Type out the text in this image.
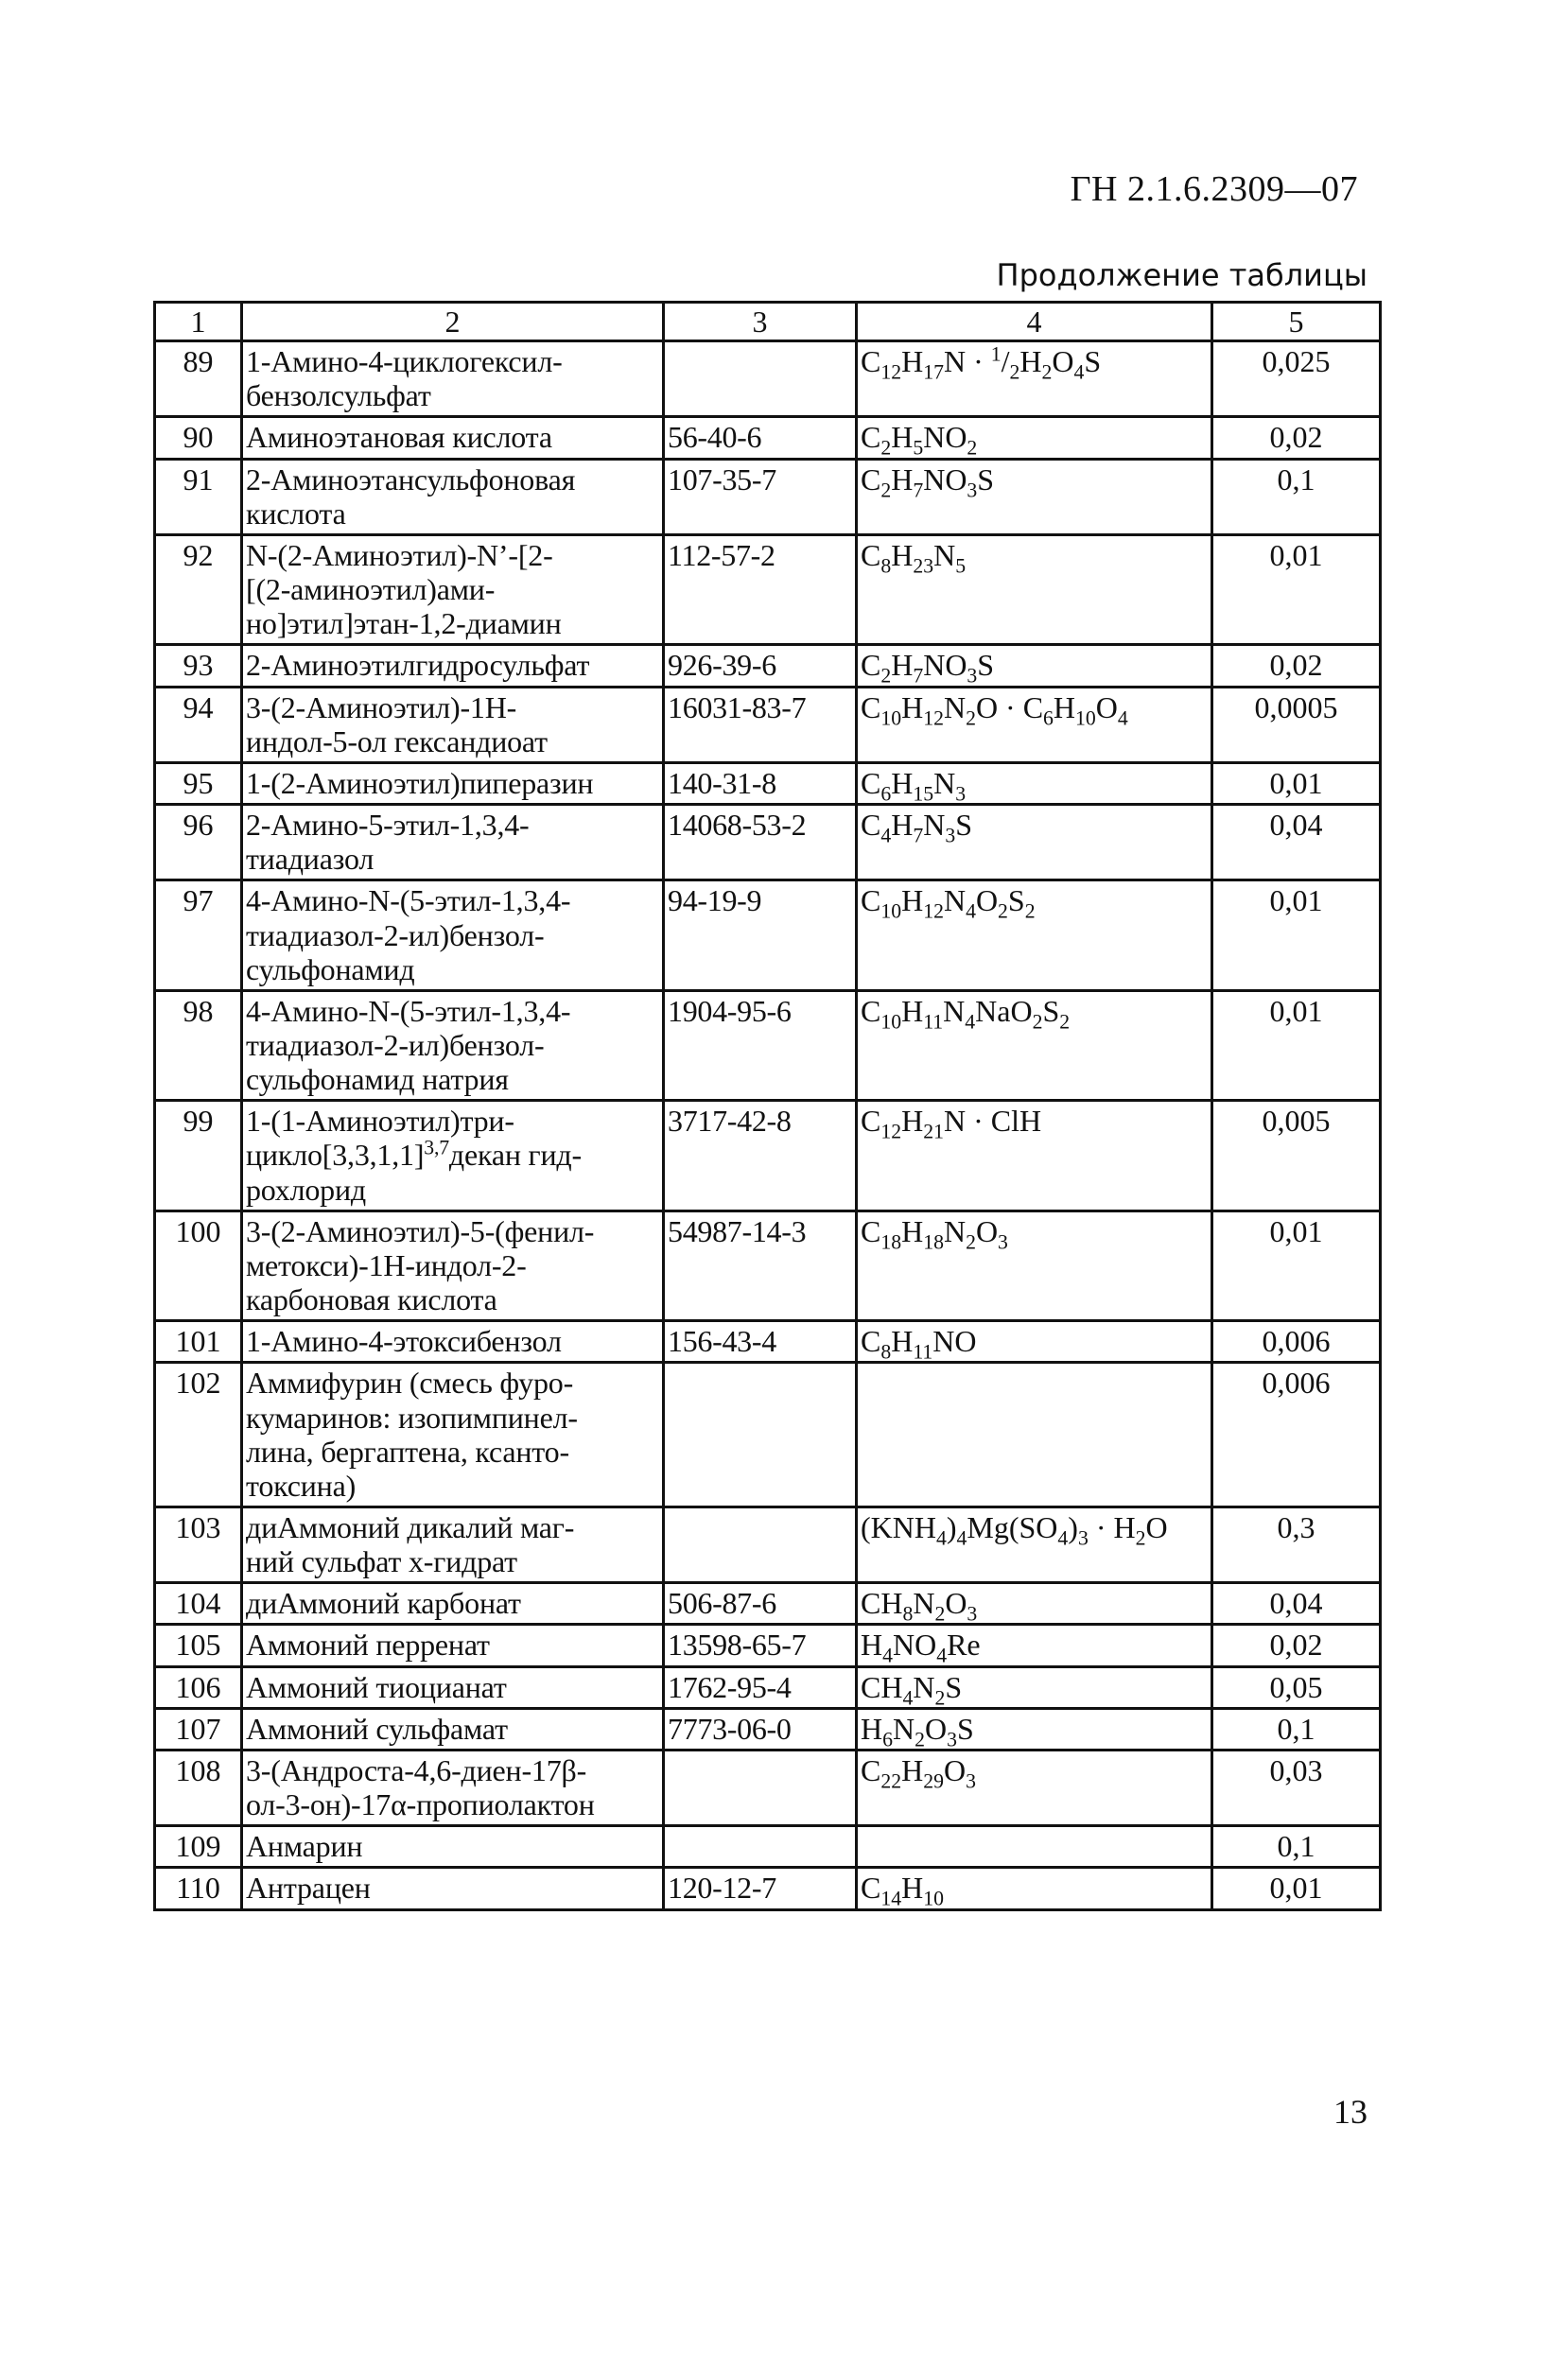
ГН 2.1.6.2309—07
Продолжение таблицы
1	2	3	4	5
89	1-Амино-4-циклогексил-
бензолсульфат		$C_{12}H_{17}N \cdot ^1/_2H_2O_4S$	0,025
90	Аминоэтановая кислота	56-40-6	$C_2H_5NO_2$	0,02
91	2-Аминоэтансульфоновая
кислота	107-35-7	$C_2H_7NO_3S$	0,1
92	N-(2-Аминоэтил)-N’-[2-
[(2-аминоэтил)ами-
но]этил]этан-1,2-диамин	112-57-2	$C_8H_{23}N_5$	0,01
93	2-Аминоэтилгидросульфат	926-39-6	$C_2H_7NO_3S$	0,02
94	3-(2-Аминоэтил)-1H-
индол-5-ол гександиоат	16031-83-7	$C_{10}H_{12}N_2O \cdot C_6H_{10}O_4$	0,0005
95	1-(2-Аминоэтил)пиперазин	140-31-8	$C_6H_{15}N_3$	0,01
96	2-Амино-5-этил-1,3,4-
тиадиазол	14068-53-2	$C_4H_7N_3S$	0,04
97	4-Амино-N-(5-этил-1,3,4-
тиадиазол-2-ил)бензол-
сульфонамид	94-19-9	$C_{10}H_{12}N_4O_2S_2$	0,01
98	4-Амино-N-(5-этил-1,3,4-
тиадиазол-2-ил)бензол-
сульфонамид натрия	1904-95-6	$C_{10}H_{11}N_4NaO_2S_2$	0,01
99	1-(1-Аминоэтил)три-
$цикло[3,3,1,1]^{3,7}декан$ гид-
рохлорид	3717-42-8	$C_{12}H_{21}N$ · ClH	0,005
100	3-(2-Аминоэтил)-5-(фенил-
метокси)-1H-индол-2-
карбоновая кислота	54987-14-3	$C_{18}H_{18}N_2O_3$	0,01
101	1-Амино-4-этоксибензол	156-43-4	$C_8H_{11}NO$	0,006
102	Аммифурин (смесь фуро-
кумаринов: изопимпинел-
лина, бергаптена, ксанто-
токсина)			0,006
103	диАммоний дикалий маг-
ний сульфат x-гидрат		$(KNH_4)_4Mg(SO_4)_3 \cdot H_2O$	0,3
104	диАммоний карбонат	506-87-6	$CH_8N_2O_3$	0,04
105	Аммоний перренат	13598-65-7	$H_4NO_4Re$	0,02
106	Аммоний тиоцианат	1762-95-4	$CH_4N_2S$	0,05
107	Аммоний сульфамат	7773-06-0	$H_6N_2O_3S$	0,1
108	3-(Андроста-4,6-диен-17β-
ол-3-он)-17α-пропиолактон		$C_{22}H_{29}O_3$	0,03
109	Анмарин			0,1
110	Антрацен	120-12-7	$C_{14}H_{10}$	0,01
13
